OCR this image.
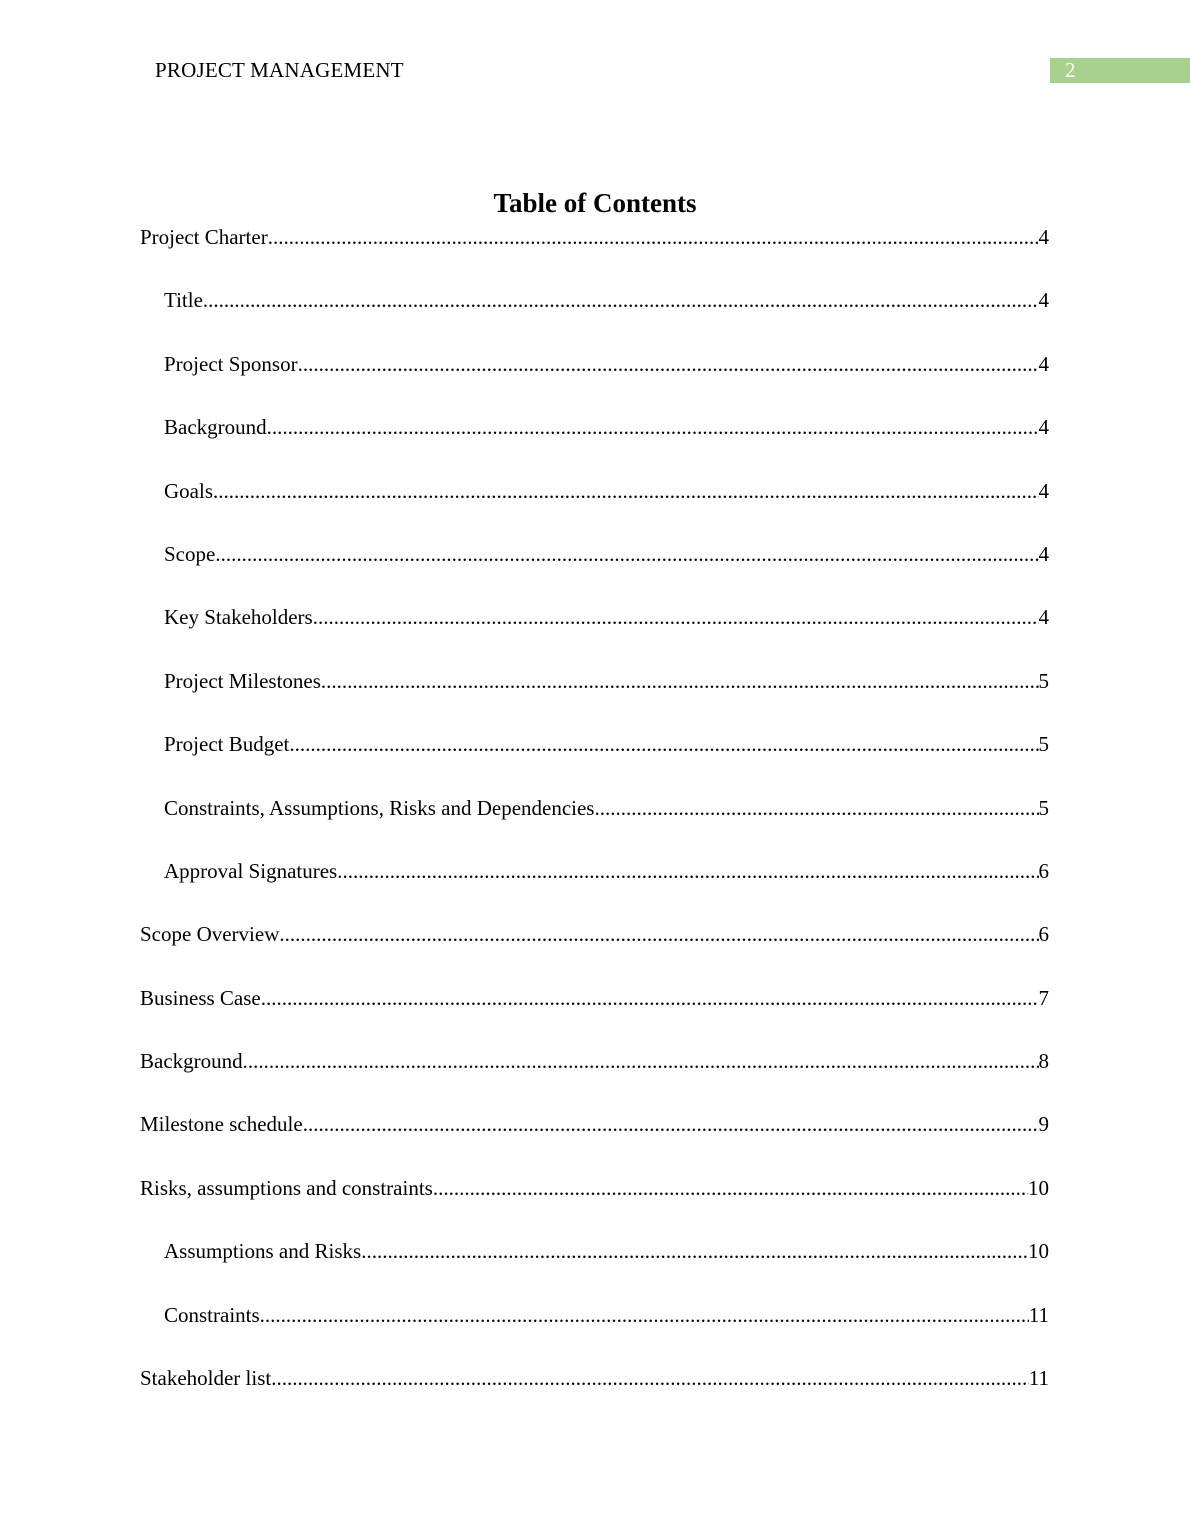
PROJECT MANAGEMENT	2
Table of Contents
Project Charter .....	4
Title .....	4
Project Sponsor .....	4
Background .....	4
Goals .....	4
Scope .....	4
Key Stakeholders .....	4
Project Milestones .....	5
Project Budget .....	5
Constraints, Assumptions, Risks and Dependencies .....	5
Approval Signatures .....	6
Scope Overview .....	6
Business Case .....	7
Background .....	8
Milestone schedule .....	9
Risks, assumptions and constraints .....	10
Assumptions and Risks .....	10
Constraints .....	11
Stakeholder list .....	11
